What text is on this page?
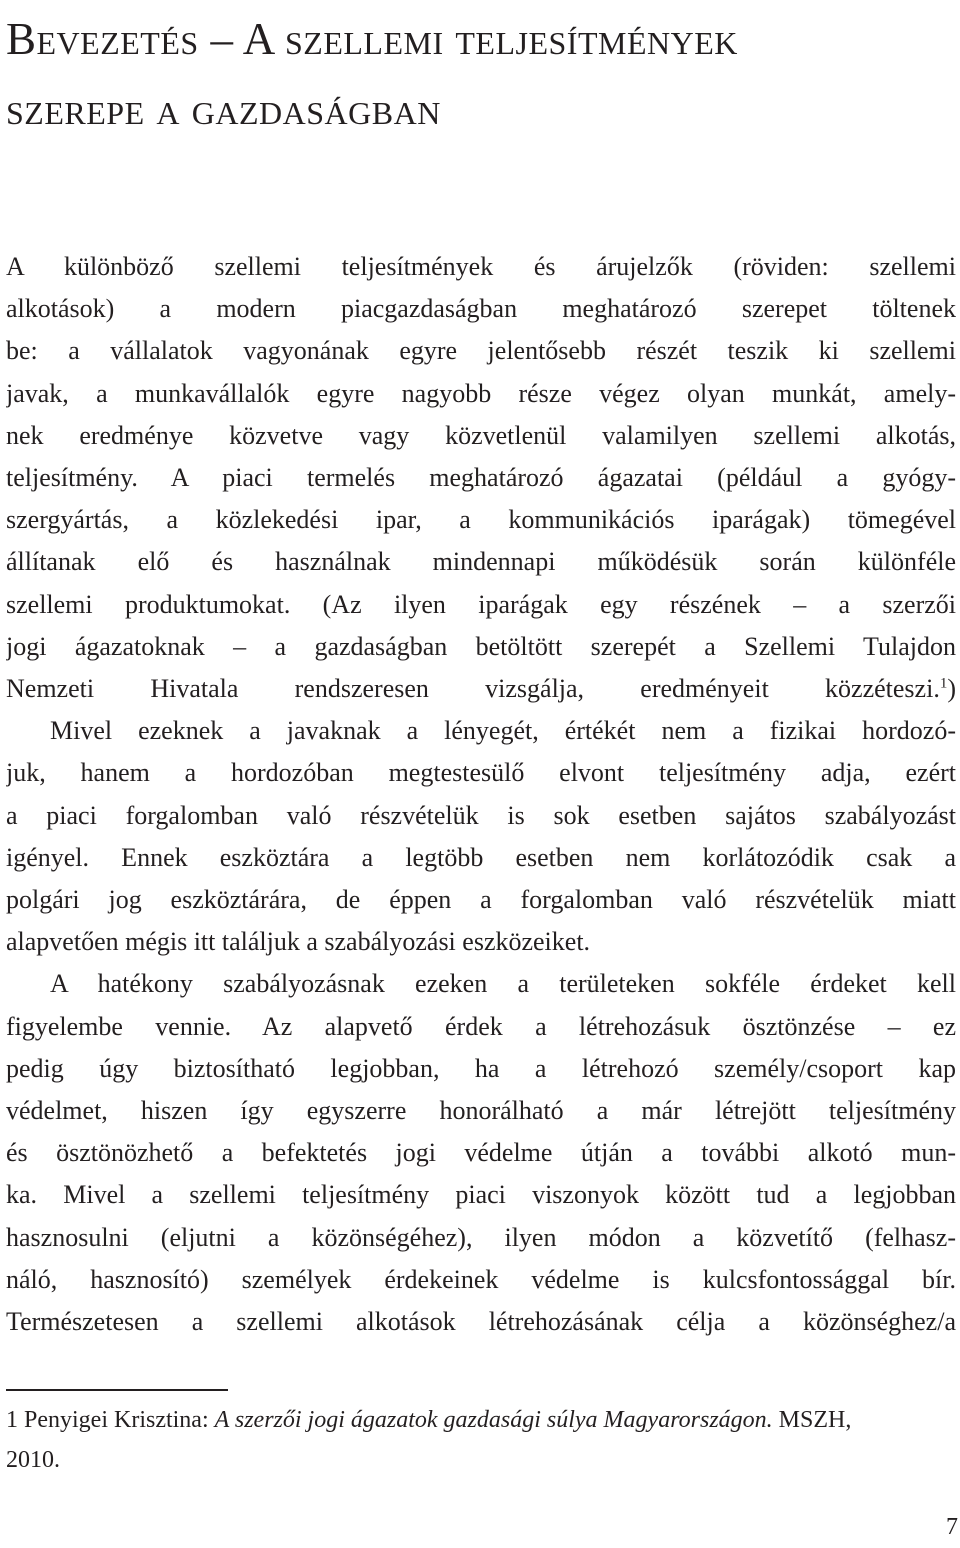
Bevezetés – A szellemi teljesítmények
szerepe a gazdaságban
A különböző szellemi teljesítmények és árujelzők (röviden: szellemi
alkotások) a modern piacgazdaságban meghatározó szerepet töltenek
be: a vállalatok vagyonának egyre jelentősebb részét teszik ki szellemi
javak, a munkavállalók egyre nagyobb része végez olyan munkát, amely-
nek eredménye közvetve vagy közvetlenül valamilyen szellemi alkotás,
teljesítmény. A piaci termelés meghatározó ágazatai (például a gyógy-
szergyártás, a közlekedési ipar, a kommunikációs iparágak) tömegével
állítanak elő és használnak mindennapi működésük során különféle
szellemi produktumokat. (Az ilyen iparágak egy részének – a szerzői
jogi ágazatoknak – a gazdaságban betöltött szerepét a Szellemi Tulajdon
Nemzeti Hivatala rendszeresen vizsgálja, eredményeit közzéteszi.$^1$)
Mivel ezeknek a javaknak a lényegét, értékét nem a fizikai hordozó-
juk, hanem a hordozóban megtestesülő elvont teljesítmény adja, ezért
a piaci forgalomban való részvételük is sok esetben sajátos szabályozást
igényel. Ennek eszköztára a legtöbb esetben nem korlátozódik csak a
polgári jog eszköztárára, de éppen a forgalomban való részvételük miatt
alapvetően mégis itt találjuk a szabályozási eszközeiket.
A hatékony szabályozásnak ezeken a területeken sokféle érdeket kell
figyelembe vennie. Az alapvető érdek a létrehozásuk ösztönzése – ez
pedig úgy biztosítható legjobban, ha a létrehozó személy/csoport kap
védelmet, hiszen így egyszerre honorálható a már létrejött teljesítmény
és ösztönözhető a befektetés jogi védelme útján a további alkotó mun-
ka. Mivel a szellemi teljesítmény piaci viszonyok között tud a legjobban
hasznosulni (eljutni a közönségéhez), ilyen módon a közvetítő (felhasz-
náló, hasznosító) személyek érdekeinek védelme is kulcsfontossággal bír.
Természetesen a szellemi alkotások létrehozásának célja a közönséghez/a
1 Penyigei Krisztina: A szerzői jogi ágazatok gazdasági súlya Magyarországon. MSZH,
2010.
7
